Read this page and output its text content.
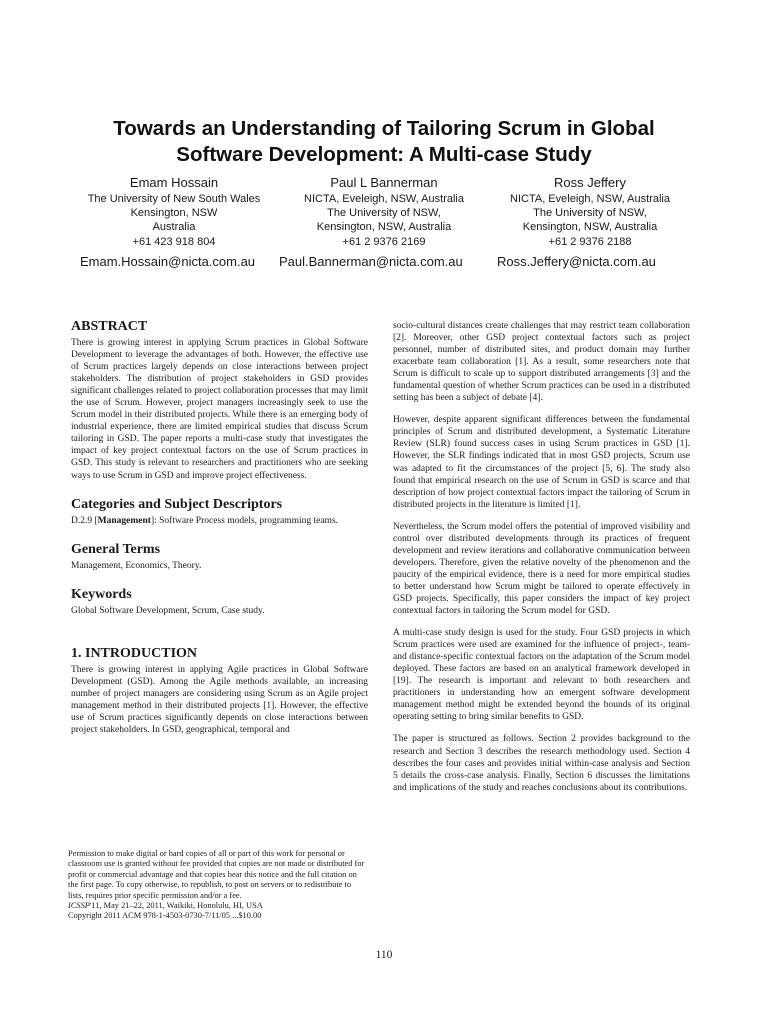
Towards an Understanding of Tailoring Scrum in Global
Software Development: A Multi-case Study
Emam Hossain
The University of New South Wales
Kensington, NSW
Australia
+61 423 918 804
Paul L Bannerman
NICTA, Eveleigh, NSW, Australia
The University of NSW,
Kensington, NSW, Australia
+61 2 9376 2169
Ross Jeffery
NICTA, Eveleigh, NSW, Australia
The University of NSW,
Kensington, NSW, Australia
+61 2 9376 2188
Emam.Hossain@nicta.com.au Paul.Bannerman@nicta.com.au	Ross.Jeffery@nicta.com.au
ABSTRACT
There is growing interest in applying Scrum practices in Global Software Development to leverage the advantages of both. However, the effective use of Scrum practices largely depends on close interactions between project stakeholders. The distribution of project stakeholders in GSD provides significant challenges related to project collaboration processes that may limit the use of Scrum. However, project managers increasingly seek to use the Scrum model in their distributed projects. While there is an emerging body of industrial experience, there are limited empirical studies that discuss Scrum tailoring in GSD. The paper reports a multi-case study that investigates the impact of key project contextual factors on the use of Scrum practices in GSD. This study is relevant to researchers and practitioners who are seeking ways to use Scrum in GSD and improve project effectiveness.
Categories and Subject Descriptors
D.2.9 [Management]: Software Process models, programming teams.
General Terms
Management, Economics, Theory.
Keywords
Global Software Development, Scrum, Case study.
1. INTRODUCTION
There is growing interest in applying Agile practices in Global Software Development (GSD). Among the Agile methods available, an increasing number of project managers are considering using Scrum as an Agile project management method in their distributed projects [1]. However, the effective use of Scrum practices significantly depends on close interactions between project stakeholders. In GSD, geographical, temporal and
Permission to make digital or hard copies of all or part of this work for personal or classroom use is granted without fee provided that copies are not made or distributed for profit or commercial advantage and that copies bear this notice and the full citation on the first page. To copy otherwise, to republish, to post on servers or to redistribute to lists, requires prior specific permission and/or a fee.
ICSSP'11, May 21–22, 2011, Waikiki, Honolulu, HI, USA
Copyright 2011 ACM 978-1-4503-0730-7/11/05 ...$10.00
socio-cultural distances create challenges that may restrict team collaboration [2]. Moreover, other GSD project contextual factors such as project personnel, number of distributed sites, and product domain may further exacerbate team collaboration [1]. As a result, some researchers note that Scrum is difficult to scale up to support distributed arrangements [3] and the fundamental question of whether Scrum practices can be used in a distributed setting has been a subject of debate [4].
However, despite apparent significant differences between the fundamental principles of Scrum and distributed development, a Systematic Literature Review (SLR) found success cases in using Scrum practices in GSD [1]. However, the SLR findings indicated that in most GSD projects, Scrum use was adapted to fit the circumstances of the project [5, 6]. The study also found that empirical research on the use of Scrum in GSD is scarce and that description of how project contextual factors impact the tailoring of Scrum in distributed projects in the literature is limited [1].
Nevertheless, the Scrum model offers the potential of improved visibility and control over distributed developments through its practices of frequent development and review iterations and collaborative communication between developers. Therefore, given the relative novelty of the phenomenon and the paucity of the empirical evidence, there is a need for more empirical studies to better understand how Scrum might be tailored to operate effectively in GSD projects. Specifically, this paper considers the impact of key project contextual factors in tailoring the Scrum model for GSD.
A multi-case study design is used for the study. Four GSD projects in which Scrum practices were used are examined for the influence of project-, team- and distance-specific contextual factors on the adaptation of the Scrum model deployed. These factors are based on an analytical framework developed in [19]. The research is important and relevant to both researchers and practitioners in understanding how an emergent software development management method might be extended beyond the bounds of its original operating setting to bring similar benefits to GSD.
The paper is structured as follows. Section 2 provides background to the research and Section 3 describes the research methodology used. Section 4 describes the four cases and provides initial within-case analysis and Section 5 details the cross-case analysis. Finally, Section 6 discusses the limitations and implications of the study and reaches conclusions about its contributions.
110
